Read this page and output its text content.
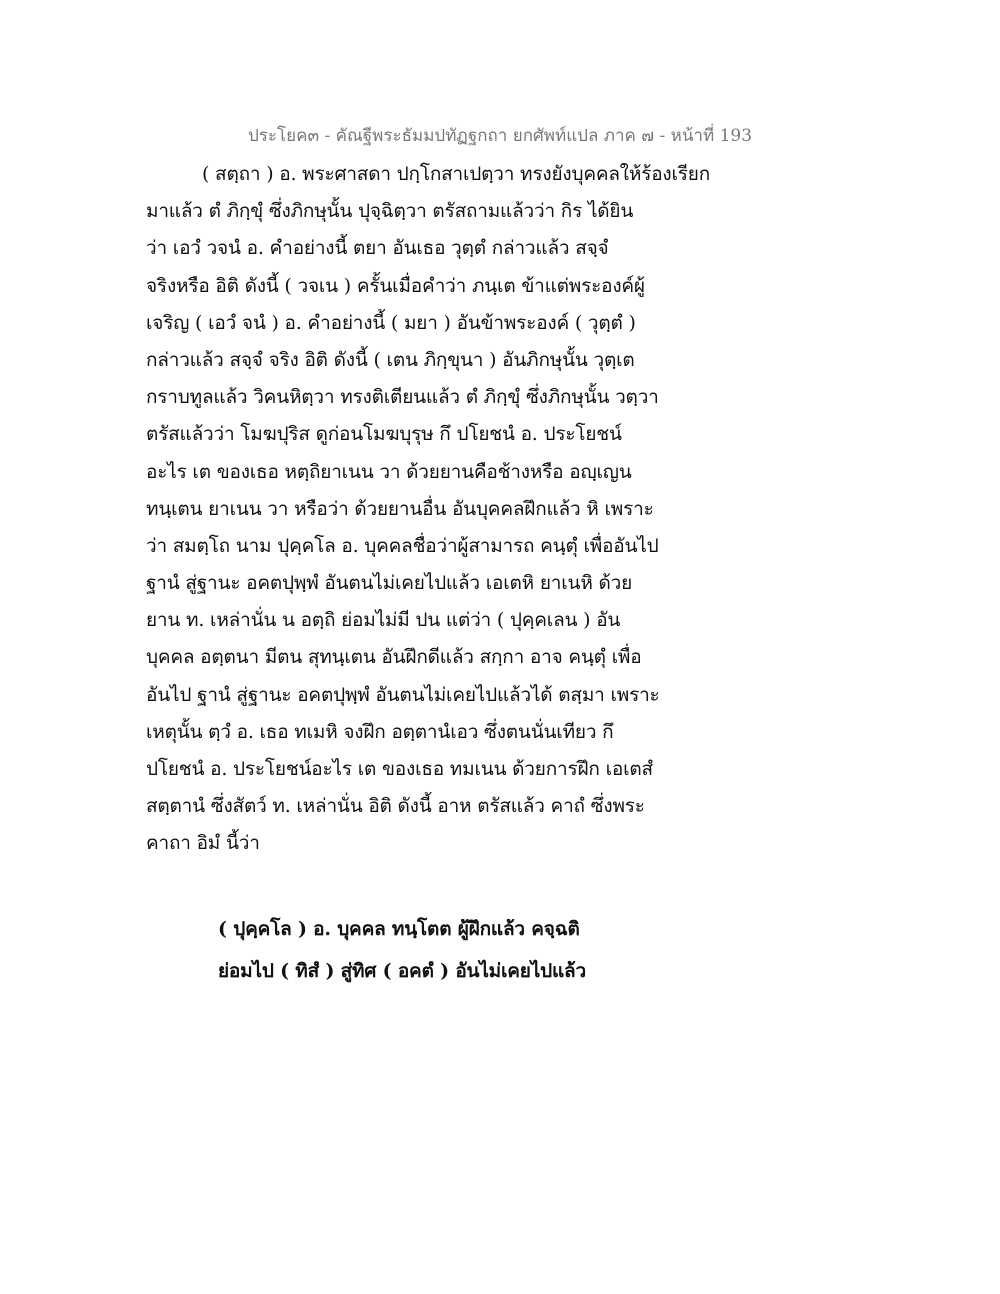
ประโยค๓ - คัณฐีพระธัมมปทัฏฐกถา ยกศัพท์แปล ภาค ๗ - หน้าที่ 193
( สตฺถา ) อ. พระศาสดา ปกฺโกสาเปตฺวา ทรงยังบุคคลให้ร้องเรียก
มาแล้ว ตํ ภิกฺขุํ ซึ่งภิกษุนั้น ปุจฺฉิตฺวา ตรัสถามแล้วว่า กิร ได้ยิน
ว่า เอวํ วจนํ อ. คำอย่างนี้ ตยา อันเธอ วุตฺตํ กล่าวแล้ว สจฺจํ
จริงหรือ อิติ ดังนี้ ( วจเน ) ครั้นเมื่อคำว่า ภนฺเต ข้าแต่พระองค์ผู้
เจริญ ( เอวํ จนํ ) อ. คำอย่างนี้ ( มยา ) อันข้าพระองค์ ( วุตฺตํ )
กล่าวแล้ว สจฺจํ จริง อิติ ดังนี้ ( เตน ภิกฺขุนา ) อันภิกษุนั้น วุตฺเต
กราบทูลแล้ว วิคนหิตฺวา ทรงติเตียนแล้ว ตํ ภิกฺขุํ ซึ่งภิกษุนั้น วตฺวา
ตรัสแล้วว่า โมฆปุริส ดูก่อนโมฆบุรุษ กึ ปโยชนํ อ. ประโยชน์
อะไร เต ของเธอ หตฺถิยาเนน วา ด้วยยานคือช้างหรือ อญฺเญน
ทนฺเตน ยาเนน วา หรือว่า ด้วยยานอื่น อันบุคคลฝึกแล้ว หิ เพราะ
ว่า สมตฺโถ นาม ปุคฺคโล อ. บุคคลชื่อว่าผู้สามารถ คนฺตุํ เพื่ออันไป
ฐานํ สู่ฐานะ อคตปุพฺพํ อันตนไม่เคยไปแล้ว เอเตหิ ยาเนหิ ด้วย
ยาน ท. เหล่านั่น น อตฺถิ ย่อมไม่มี ปน แต่ว่า ( ปุคฺคเลน ) อัน
บุคคล อตฺตนา มีตน สุทนฺเตน อันฝึกดีแล้ว สกฺกา อาจ คนฺตุํ เพื่อ
อันไป ฐานํ สู่ฐานะ อคตปุพฺพํ อันตนไม่เคยไปแล้วได้ ตสฺมา เพราะ
เหตุนั้น ตฺวํ อ. เธอ ทเมหิ จงฝึก อตฺตานํเอว ซึ่งตนนั่นเทียว กึ
ปโยชนํ อ. ประโยชน์อะไร เต ของเธอ ทมเนน ด้วยการฝึก เอเตสํ
สตฺตานํ ซึ่งสัตว์ ท. เหล่านั่น อิติ ดังนี้ อาห ตรัสแล้ว คาถํ ซึ่งพระ
คาถา อิมํ นี้ว่า
( ปุคฺคโล ) อ. บุคคล ทนฺโตต ผู้ฝึกแล้ว คจฺฉติ
ย่อมไป ( ทิสํ ) สู่ทิศ ( อคตํ ) อันไม่เคยไปแล้ว
